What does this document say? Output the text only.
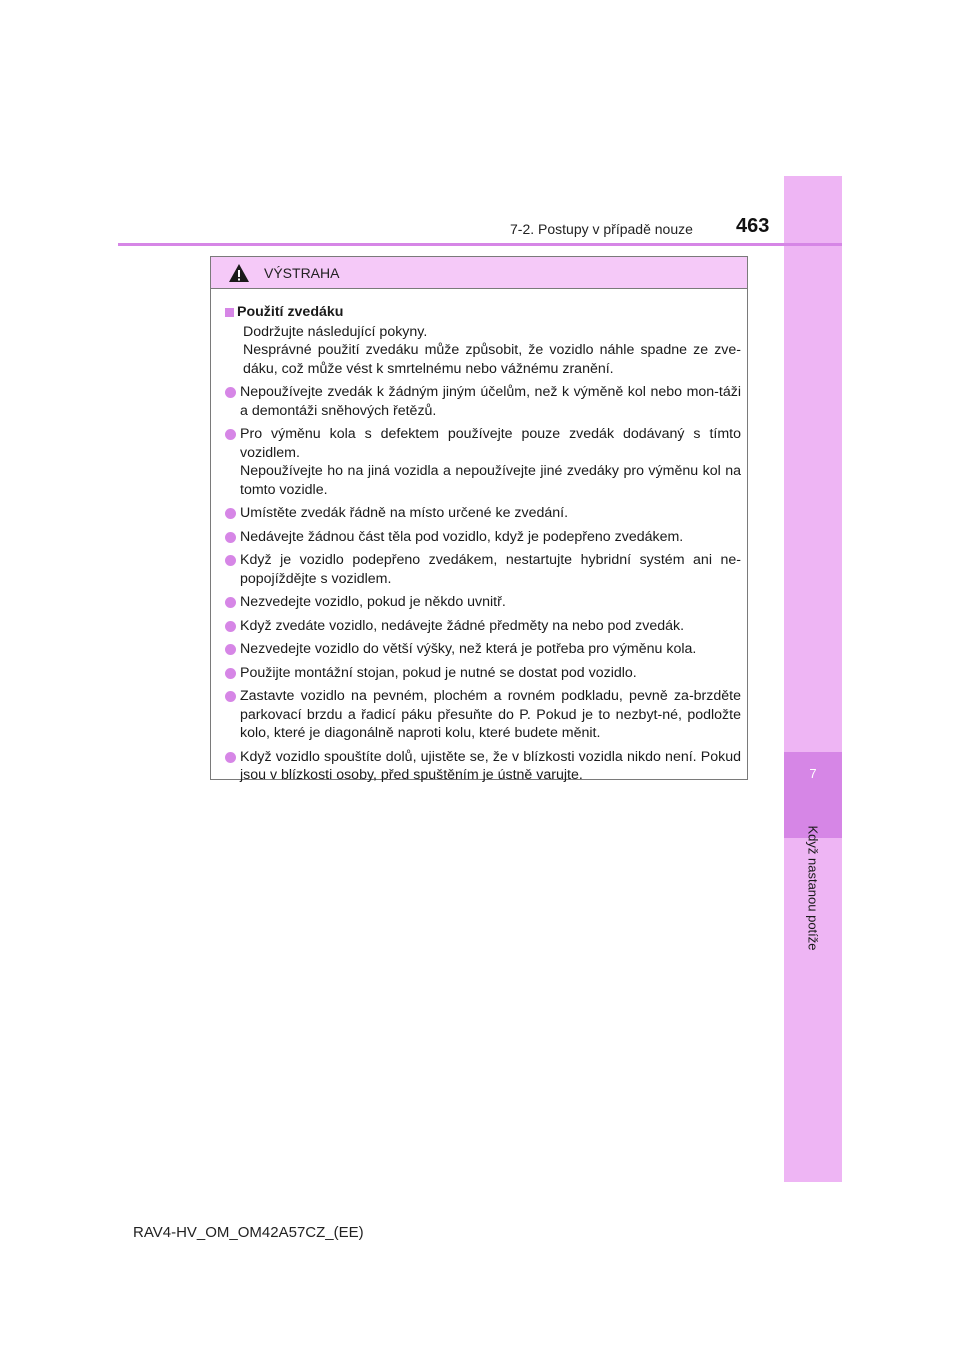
7
Když nastanou potíže
7-2. Postupy v případě nouze 463
VÝSTRAHA
Použití zvedáku
Dodržujte následující pokyny.
Nesprávné použití zvedáku může způsobit, že vozidlo náhle spadne ze zve-dáku, což může vést k smrtelnému nebo vážnému zranění.
Nepoužívejte zvedák k žádným jiným účelům, než k výměně kol nebo mon-táži a demontáži sněhových řetězů.
Pro výměnu kola s defektem používejte pouze zvedák dodávaný s tímto vozidlem.
Nepoužívejte ho na jiná vozidla a nepoužívejte jiné zvedáky pro výměnu kol na tomto vozidle.
Umístěte zvedák řádně na místo určené ke zvedání.
Nedávejte žádnou část těla pod vozidlo, když je podepřeno zvedákem.
Když je vozidlo podepřeno zvedákem, nestartujte hybridní systém ani ne-popojíždějte s vozidlem.
Nezvedejte vozidlo, pokud je někdo uvnitř.
Když zvedáte vozidlo, nedávejte žádné předměty na nebo pod zvedák.
Nezvedejte vozidlo do větší výšky, než která je potřeba pro výměnu kola.
Použijte montážní stojan, pokud je nutné se dostat pod vozidlo.
Zastavte vozidlo na pevném, plochém a rovném podkladu, pevně za-brzděte parkovací brzdu a řadicí páku přesuňte do P. Pokud je to nezbyt-né, podložte kolo, které je diagonálně naproti kolu, které budete měnit.
Když vozidlo spouštíte dolů, ujistěte se, že v blízkosti vozidla nikdo není. Pokud jsou v blízkosti osoby, před spuštěním je ústně varujte.
RAV4-HV_OM_OM42A57CZ_(EE)
